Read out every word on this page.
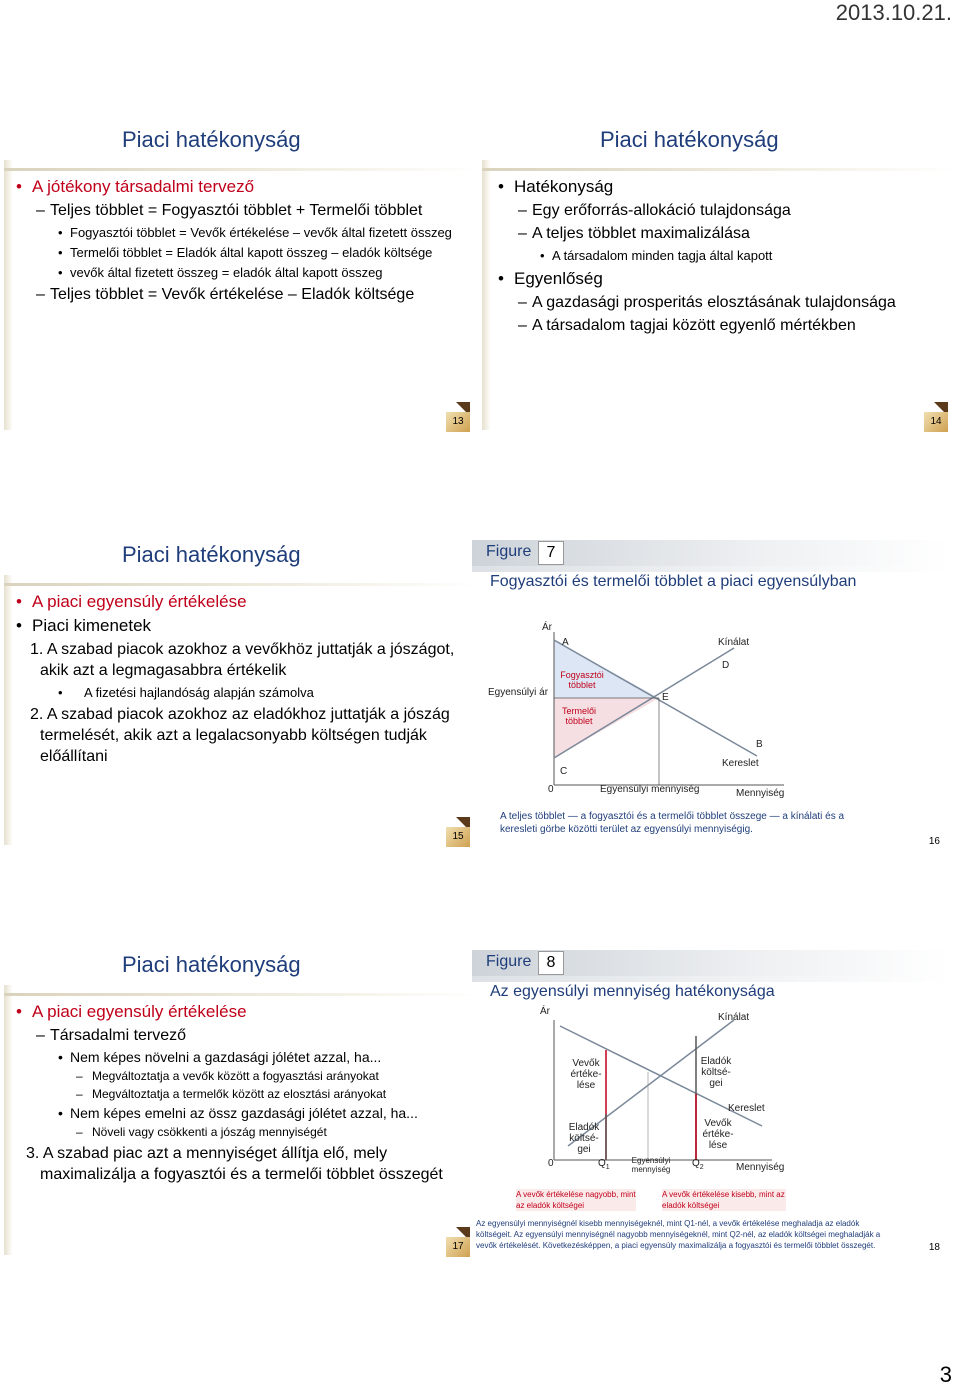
2013.10.21.
Piaci hatékonyság
• A jótékony társadalmi tervező
– Teljes többlet = Fogyasztói többlet + Termelői többlet
• Fogyasztói többlet = Vevők értékelése – vevők által fizetett összeg
• Termelői többlet = Eladók által kapott összeg – eladók költsége
• vevők által fizetett összeg = eladók által kapott összeg
– Teljes többlet = Vevők értékelése – Eladók költsége
13
Piaci hatékonyság
• Hatékonyság
– Egy erőforrás-allokáció tulajdonsága
– A teljes többlet maximalizálása
• A társadalom minden tagja által kapott
• Egyenlőség
– A gazdasági prosperitás elosztásának tulajdonsága
– A társadalom tagjai között egyenlő mértékben
14
Piaci hatékonyság
• A piaci egyensúly értékelése
• Piaci kimenetek
1. A szabad piacok azokhoz a vevőkhöz juttatják a jószágot, akik azt a legmagasabbra értékelik
• A fizetési hajlandóság alapján számolva
2. A szabad piacok azokhoz az eladókhoz juttatják a jószág termelését, akik azt a legalacsonyabb költségen tudják előállítani
15
Figure 7
Fogyasztói és termelői többlet a piaci egyensúlyban
Ár
A	Kínálat
D
Egyensúlyi ár
Fogyasztói többlet
Termelői többlet
E
B
Kereslet
C
0	Egyensúlyi mennyiség	Mennyiség
A teljes többlet — a fogyasztói és a termelői többlet összege — a kínálati és a keresleti görbe közötti terület az egyensúlyi mennyiségig.
16
Piaci hatékonyság
• A piaci egyensúly értékelése
– Társadalmi tervező
• Nem képes növelni a gazdasági jólétet azzal, ha...
– Megváltoztatja a vevők között a fogyasztási arányokat
– Megváltoztatja a termelők között az elosztási arányokat
• Nem képes emelni az össz gazdasági jólétet azzal, ha...
– Növeli vagy csökkenti a jószág mennyiségét
3. A szabad piac azt a mennyiséget állítja elő, mely maximalizálja a fogyasztói és a termelői többlet összegét
17
Figure 8
Az egyensúlyi mennyiség hatékonysága
Ár
Kínálat
Vevők értéke-lése
Eladók költsé-gei
Kereslet
Eladók költsé-gei
Vevők értéke-lése
0	$Q_1$
Egyensúlyi mennyiség
$Q_2$	Mennyiség
A vevők értékelése nagyobb, mint az eladók költségei
A vevők értékelése kisebb, mint az eladók költségei
Az egyensúlyi mennyiségnél kisebb mennyiségeknél, mint Q1-nél, a vevők értékelése meghaladja az eladók költségeit. Az egyensúlyi mennyiségnél nagyobb mennyiségeknél, mint Q2-nél, az eladók költségei meghaladják a vevők értékelését. Következésképpen, a piaci egyensúly maximalizálja a fogyasztói és termelői többlet összegét.	18
3
